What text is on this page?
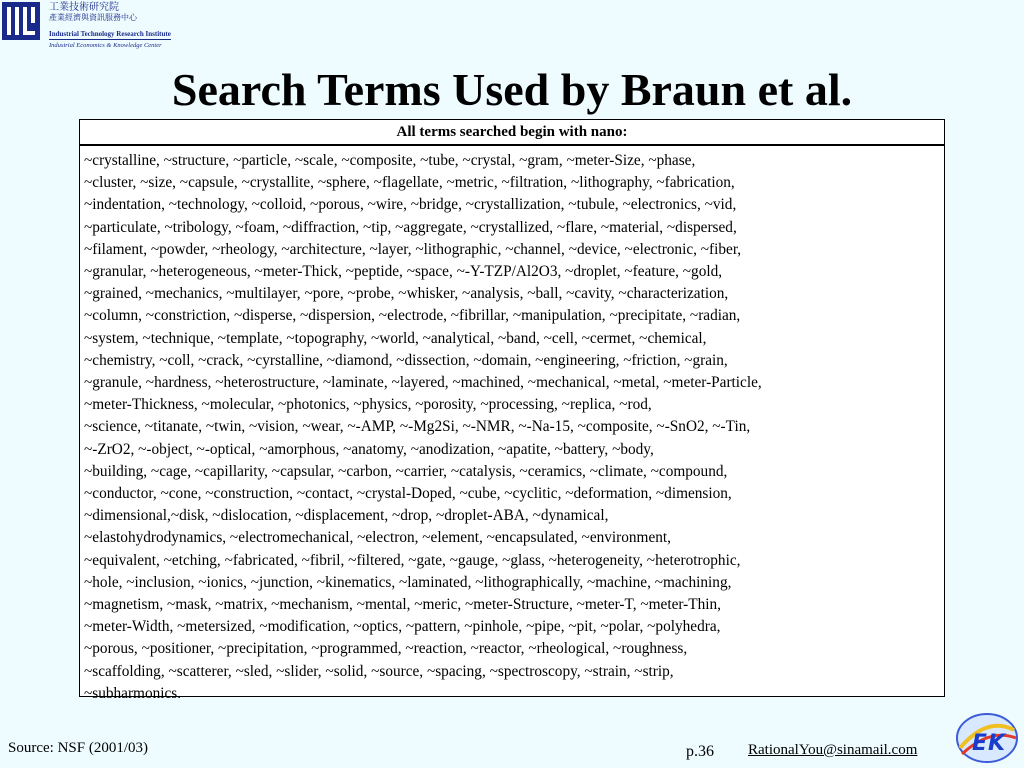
工業技術研究院
產業經濟與資訊服務中心
Industrial Technology Research Institute
Industrial Economics & Knowledge Center
Search Terms Used by Braun et al.
All terms searched begin with nano:
~crystalline, ~structure, ~particle, ~scale, ~composite, ~tube, ~crystal, ~gram, ~meter-Size, ~phase,
~cluster, ~size, ~capsule, ~crystallite, ~sphere, ~flagellate, ~metric, ~filtration, ~lithography, ~fabrication,
~indentation, ~technology, ~colloid, ~porous, ~wire, ~bridge, ~crystallization, ~tubule, ~electronics, ~vid,
~particulate, ~tribology, ~foam, ~diffraction, ~tip, ~aggregate, ~crystallized, ~flare, ~material, ~dispersed,
~filament, ~powder, ~rheology, ~architecture, ~layer, ~lithographic, ~channel, ~device, ~electronic, ~fiber,
~granular, ~heterogeneous, ~meter-Thick, ~peptide, ~space, ~-Y-TZP/Al2O3, ~droplet, ~feature, ~gold,
~grained, ~mechanics, ~multilayer, ~pore, ~probe, ~whisker, ~analysis, ~ball, ~cavity, ~characterization,
~column, ~constriction, ~disperse, ~dispersion, ~electrode, ~fibrillar, ~manipulation, ~precipitate, ~radian,
~system, ~technique, ~template, ~topography, ~world, ~analytical, ~band, ~cell, ~cermet, ~chemical,
~chemistry, ~coll, ~crack, ~cyrstalline, ~diamond, ~dissection, ~domain, ~engineering, ~friction, ~grain,
~granule, ~hardness, ~heterostructure, ~laminate, ~layered, ~machined, ~mechanical, ~metal, ~meter-Particle,
~meter-Thickness, ~molecular, ~photonics, ~physics, ~porosity, ~processing, ~replica, ~rod,
~science, ~titanate, ~twin, ~vision, ~wear, ~-AMP, ~-Mg2Si, ~-NMR, ~-Na-15, ~composite, ~-SnO2, ~-Tin,
~-ZrO2, ~-object, ~-optical, ~amorphous, ~anatomy, ~anodization, ~apatite, ~battery, ~body,
~building, ~cage, ~capillarity, ~capsular, ~carbon, ~carrier, ~catalysis, ~ceramics, ~climate, ~compound,
~conductor, ~cone, ~construction, ~contact, ~crystal-Doped, ~cube, ~cyclitic, ~deformation, ~dimension,
~dimensional,~disk, ~dislocation, ~displacement, ~drop, ~droplet-ABA, ~dynamical,
~elastohydrodynamics, ~electromechanical, ~electron, ~element, ~encapsulated, ~environment,
~equivalent, ~etching, ~fabricated, ~fibril, ~filtered, ~gate, ~gauge, ~glass, ~heterogeneity, ~heterotrophic,
~hole, ~inclusion, ~ionics, ~junction, ~kinematics, ~laminated, ~lithographically, ~machine, ~machining,
~magnetism, ~mask, ~matrix, ~mechanism, ~mental, ~meric, ~meter-Structure, ~meter-T, ~meter-Thin,
~meter-Width, ~metersized, ~modification, ~optics, ~pattern, ~pinhole, ~pipe, ~pit, ~polar, ~polyhedra,
~porous, ~positioner, ~precipitation, ~programmed, ~reaction, ~reactor, ~rheological, ~roughness,
~scaffolding, ~scatterer, ~sled, ~slider, ~solid, ~source, ~spacing, ~spectroscopy, ~strain, ~strip,
~subharmonics.
Source: NSF (2001/03)	p.36 RationalYou@sinamail.com E K
